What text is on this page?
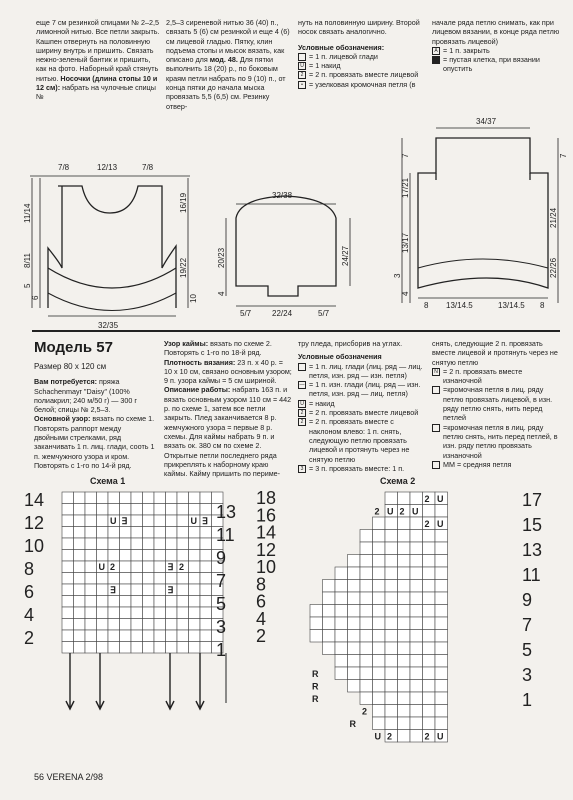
еще 7 см резинкой спицами № 2–2,5 лимонной нитью. Все петли закрыть. Кашпен отвернуть на половинную ширину внутрь и пришить. Связать нежно-зеленый бантик и пришить, как на фото. Наборный край стянуть нитью. Носочки (длина стопы 10 и 12 см): набрать на чулочные спицы №

2,5–3 сиреневой нитью 36 (40) п., связать 5 (6) см резинкой и еще 4 (6) см лицевой гладью. Пятку, клин подъема стопы и мысок вязать, как описано для мод. 48. Для пятки выполнить 18 (20) р., по боковым краям петли набрать по 9 (10) п., от конца пятки до начала мыска провязать 5,5 (6,5) см. Резинку отвер-

нуть на половинную ширину. Второй носок связать аналогично.

Условные обозначения:

= 1 п. лицевой глади
U = 1 накид
2 = 2 п. провязать вместе лицевой
• = узелковая кромочная петля (в

начале ряда петлю снимать, как при лицевом вязании, в конце ряда петлю провязать лицевой)

A = 1 п. закрыть
= пустая клетка, при вязании опустить
7/8	12/13	7/8
11/14
8/11
5
6
16/19
19/22
10
32/35
32/38
20/23
4
24/27
5/7	22/24	5/7
34/37
7
17/21
13/17
3
4
21/24
22/26
7
8 13/14.5	13/14.5 8
Модель 57

Размер 80 х 120 см

Вам потребуется: пряжа Schachenmayr "Daisy" (100% полиакрил; 240 м/50 г) — 300 г белой; спицы № 2,5–3.

Основной узор: вязать по схеме 1. Повторять раппорт между двойными стрелками, ряд заканчивать 1 п. лиц. глади, сооть 1 п. жемчужного узора и кром. Повторять с 1-го по 14-й ряд.

Узор каймы: вязать по схеме 2. Повторять с 1-го по 18-й ряд.

Плотность вязания: 23 п. х 40 р. = 10 х 10 см, связано основным узором; 9 п. узора каймы = 5 см шириной.

Описание работы: набрать 163 п. и вязать основным узором 110 см = 442 р. по схеме 1, затем все петли закрыть. Плед заканчивается 8 р. жемчужного узора = первые 8 р. схемы. Для каймы набрать 9 п. и вязать ок. 380 см по схеме 2. Открытые петли последнего ряда прикреплять к наборному краю каймы. Кайму пришить по периме-

тру пледа, присборив на углах.

Условные обозначения

= 1 п. лиц. глади (лиц. ряд — лиц. петля, изн. ряд — изн. петля)
— = 1 п. изн. глади (лиц. ряд — изн. петля, изн. ряд — лиц. петля)
U = накид
2 = 2 п. провязать вместе лицевой
2 = 2 п. провязать вместе с наклоном влево: 1 п. снять, следующую петлю провязать лицевой и протянуть через не снятую петлю
3 = 3 п. провязать вместе: 1 п.

снять, следующие 2 п. провязать вместе лицевой и протянуть через не снятую петлю

N = 2 п. провязать вместе изнаночной
=кромочная петля в лиц. ряду петлю провязать лицевой, в изн. ряду петлю снять, нить перед петлей
=кромочная петля в лиц. ряду петлю снять, нить перед петлей, в изн. ряду петлю провязать изнаночной
ММ = средняя петля
Схема 1	Схема 2
U ∃	U ∃
U 2	∃ 2
∃	∃
14
12
10
8
6
4
2
13
11
9
7
5
3
1
18
16
14
12
10
8
6
4
2
2 U
2 U 2 U
2 U
R
R
R
2
R
U 2	2 U
17
15
13
11
9
7
5
3
1
56 VERENA 2/98
